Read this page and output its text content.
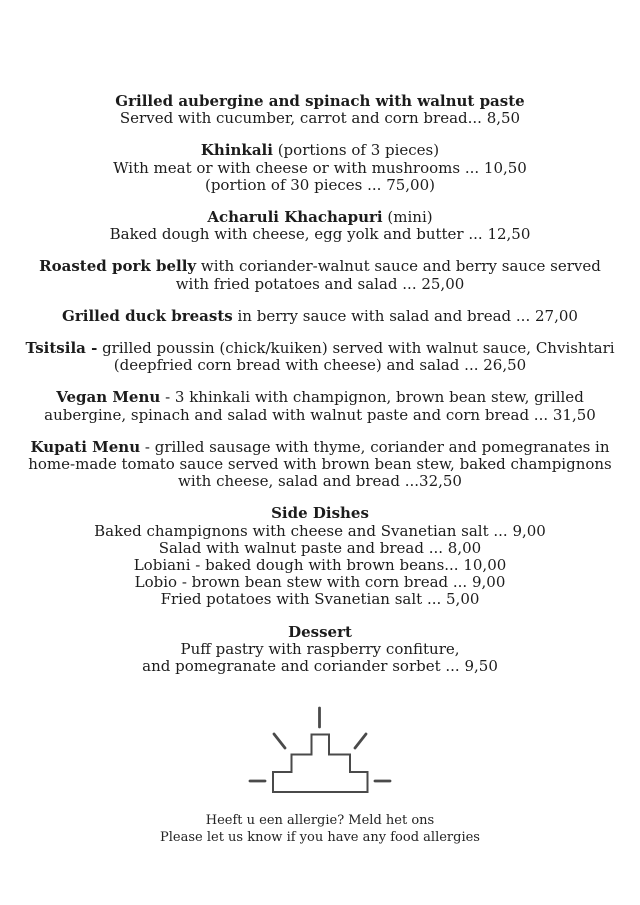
Grilled aubergine and spinach with walnut paste
Served with cucumber, carrot and corn bread... 8,50
Khinkali (portions of 3 pieces)
With meat or with cheese or with mushrooms ... 10,50
(portion of 30 pieces ... 75,00)
Acharuli Khachapuri (mini)
Baked dough with cheese, egg yolk and butter ... 12,50
Roasted pork belly with coriander-walnut sauce and berry sauce served
with fried potatoes and salad ... 25,00
Grilled duck breasts in berry sauce with salad and bread ... 27,00
Tsitsila - grilled poussin (chick/kuiken) served with walnut sauce, Chvishtari
(deepfried corn bread with cheese) and salad ... 26,50
Vegan Menu - 3 khinkali with champignon, brown bean stew, grilled
aubergine, spinach and salad with walnut paste and corn bread ... 31,50
Kupati Menu - grilled sausage with thyme, coriander and pomegranates in
home-made tomato sauce served with brown bean stew, baked champignons
with cheese, salad and bread ...32,50
Side Dishes
Baked champignons with cheese and Svanetian salt ... 9,00
Salad with walnut paste and bread ... 8,00
Lobiani - baked dough with brown beans... 10,00
Lobio - brown bean stew with corn bread ... 9,00
Fried potatoes with Svanetian salt ... 5,00
Dessert
Puff pastry with raspberry confiture,
and pomegranate and coriander sorbet ... 9,50
Heeft u een allergie? Meld het ons
Please let us know if you have any food allergies
